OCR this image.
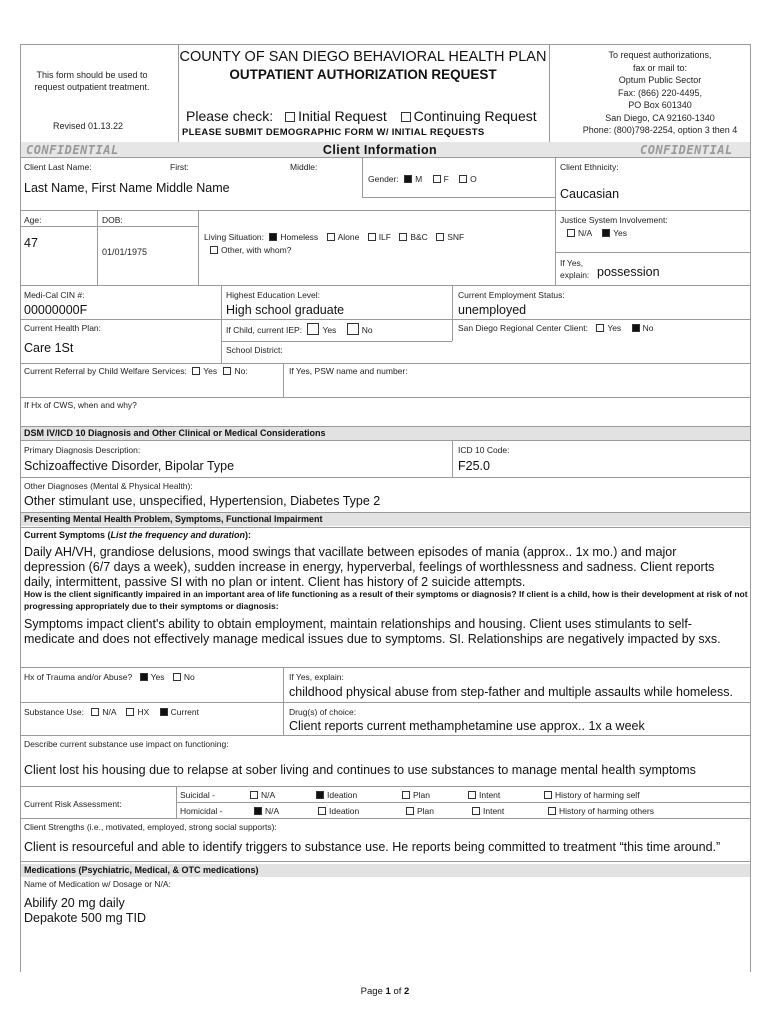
This form should be used to request outpatient treatment.
Revised 01.13.22
COUNTY OF SAN DIEGO BEHAVIORAL HEALTH PLAN
OUTPATIENT AUTHORIZATION REQUEST
Please check: Initial Request Continuing Request
PLEASE SUBMIT DEMOGRAPHIC FORM W/ INITIAL REQUESTS
To request authorizations,
fax or mail to:
Optum Public Sector
Fax: (866) 220-4495,
PO Box 601340
San Diego, CA 92160-1340
Phone: (800)798-2254, option 3 then 4
CONFIDENTIAL	Client Information	CONFIDENTIAL
Client Last Name:	First:	Middle:
Last Name, First Name Middle Name
Gender: M	F	O
Client Ethnicity:
Caucasian
Age:
47
DOB:
01/01/1975
Living Situation: Homeless Alone ILF B&C SNF
Other, with whom?
Justice System Involvement:
N/A	Yes
If Yes,
explain: possession
Medi-Cal CIN #:
00000000F
Highest Education Level:
High school graduate
Current Employment Status:
unemployed
Current Health Plan:
Care 1St
If Child, current IEP: Yes	No	San Diego Regional Center Client: Yes	No
School District:
Current Referral by Child Welfare Services: Yes No:	If Yes, PSW name and number:
If Hx of CWS, when and why?
DSM IV/ICD 10 Diagnosis and Other Clinical or Medical Considerations
Primary Diagnosis Description:
Schizoaffective Disorder, Bipolar Type
ICD 10 Code:
F25.0
Other Diagnoses (Mental & Physical Health):
Other stimulant use, unspecified, Hypertension, Diabetes Type 2
Presenting Mental Health Problem, Symptoms, Functional Impairment
Current Symptoms (List the frequency and duration):
Daily AH/VH, grandiose delusions, mood swings that vacillate between episodes of mania (approx.. 1x mo.) and major depression (6/7 days a week), sudden increase in energy, hyperverbal, feelings of worthlessness and sadness. Client reports daily, intermittent, passive SI with no plan or intent. Client has history of 2 suicide attempts.
How is the client significantly impaired in an important area of life functioning as a result of their symptoms or diagnosis? If client is a child, how is their development at risk of not progressing appropriately due to their symptoms or diagnosis:
Symptoms impact client's ability to obtain employment, maintain relationships and housing. Client uses stimulants to self-medicate and does not effectively manage medical issues due to symptoms. SI. Relationships are negatively impacted by sxs.
Hx of Trauma and/or Abuse? Yes No	If Yes, explain:
childhood physical abuse from step-father and multiple assaults while homeless.
Substance Use: N/A	HX	Current	Drug(s) of choice:
Client reports current methamphetamine use approx.. 1x a week
Describe current substance use impact on functioning:
Client lost his housing due to relapse at sober living and continues to use substances to manage mental health symptoms
Current Risk Assessment:
Suicidal -
Homicidal -
N/A	Ideation	Plan	Intent	History of harming self
N/A	Ideation	Plan	Intent	History of harming others
Client Strengths (i.e., motivated, employed, strong social supports):
Client is resourceful and able to identify triggers to substance use. He reports being committed to treatment “this time around.”
Medications (Psychiatric, Medical, & OTC medications)
Name of Medication w/ Dosage or N/A:
Abilify 20 mg daily
Depakote 500 mg TID
Page 1 of 2
